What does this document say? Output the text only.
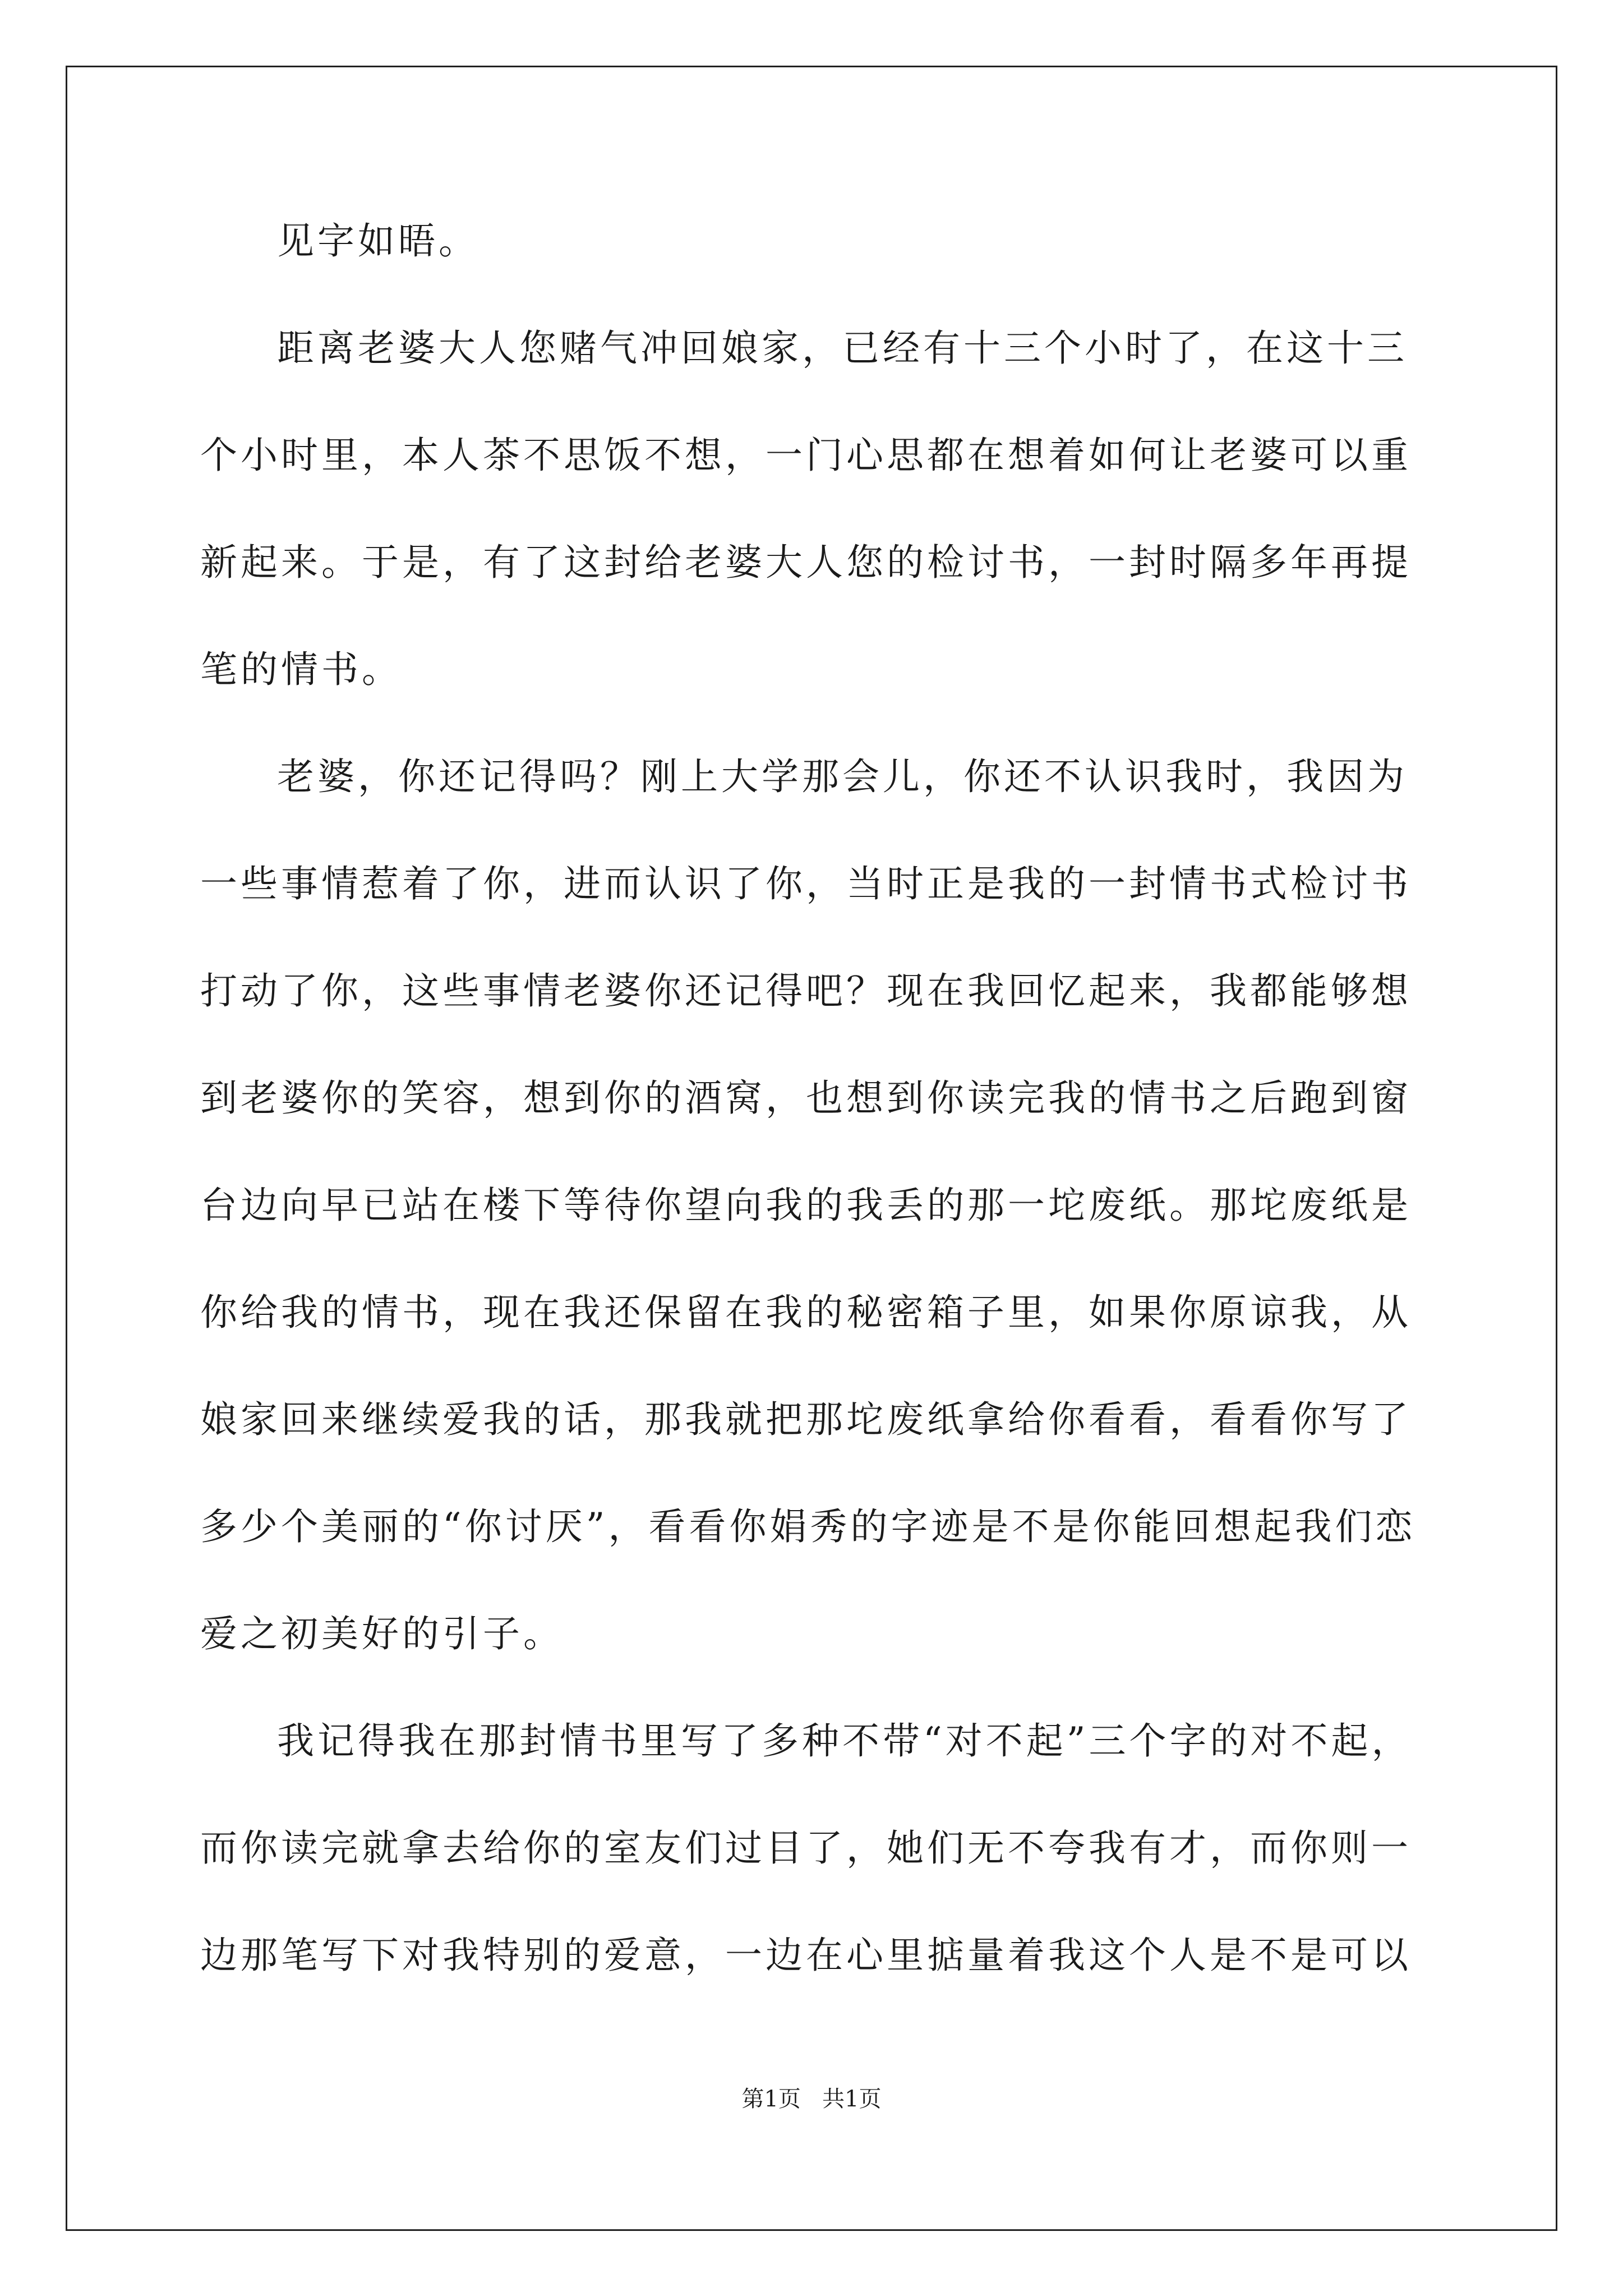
见字如晤。
距离老婆大人您赌气冲回娘家，已经有十三个小时了，在这十三
个小时里，本人茶不思饭不想，一门心思都在想着如何让老婆可以重
新起来。于是，有了这封给老婆大人您的检讨书，一封时隔多年再提
笔的情书。
老婆，你还记得吗？刚上大学那会儿，你还不认识我时，我因为
一些事情惹着了你，进而认识了你，当时正是我的一封情书式检讨书
打动了你，这些事情老婆你还记得吧？现在我回忆起来，我都能够想
到老婆你的笑容，想到你的酒窝，也想到你读完我的情书之后跑到窗
台边向早已站在楼下等待你望向我的我丢的那一坨废纸。那坨废纸是
你给我的情书，现在我还保留在我的秘密箱子里，如果你原谅我，从
娘家回来继续爱我的话，那我就把那坨废纸拿给你看看，看看你写了
多少个美丽的“你讨厌”，看看你娟秀的字迹是不是你能回想起我们恋
爱之初美好的引子。
我记得我在那封情书里写了多种不带“对不起”三个字的对不起，
而你读完就拿去给你的室友们过目了，她们无不夸我有才，而你则一
边那笔写下对我特别的爱意，一边在心里掂量着我这个人是不是可以
第1页   共1页
